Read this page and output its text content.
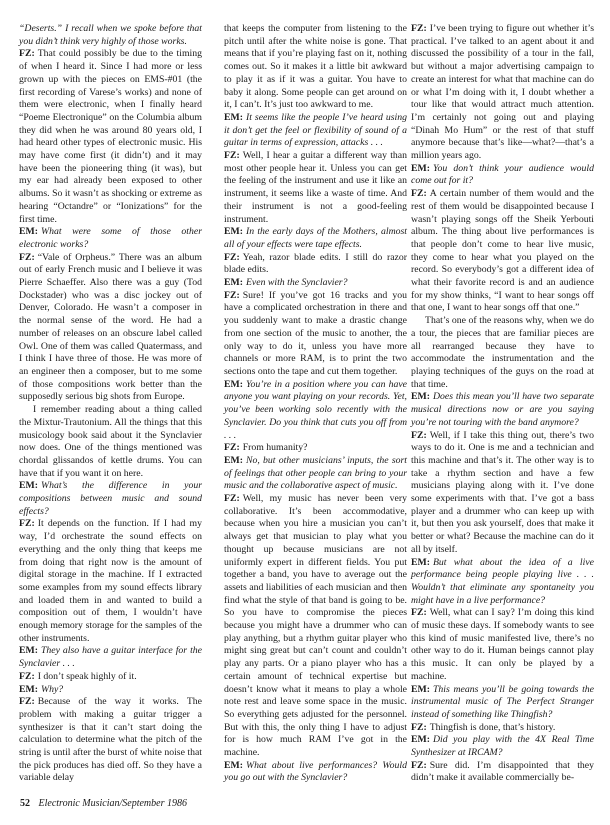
“Deserts.” I recall when we spoke before that you didn’t think very highly of those works.

FZ: That could possibly be due to the timing of when I heard it. Since I had more or less grown up with the pieces on EMS-#01 (the first recording of Varese’s works) and none of them were electronic, when I finally heard “Poeme Electronique” on the Columbia album they did when he was around 80 years old, I had heard other types of electronic music. His may have come first (it didn’t) and it may have been the pioneering thing (it was), but my ear had already been exposed to other albums. So it wasn’t as shocking or extreme as hearing “Octandre” or “Ionizations” for the first time.

EM: What were some of those other electronic works?

FZ: “Vale of Orpheus.” There was an album out of early French music and I believe it was Pierre Schaeffer. Also there was a guy (Tod Dockstader) who was a disc jockey out of Denver, Colorado. He wasn’t a composer in the normal sense of the word. He had a number of releases on an obscure label called Owl. One of them was called Quatermass, and I think I have three of those. He was more of an engineer then a composer, but to me some of those compositions work better than the supposedly serious big shots from Europe.

I remember reading about a thing called the Mixtur-Trautonium. All the things that this musicology book said about it the Synclavier now does. One of the things mentioned was chordal glissandos of kettle drums. You can have that if you want it on here.

EM: What’s the difference in your compositions between music and sound effects?

FZ: It depends on the function. If I had my way, I’d orchestrate the sound effects on everything and the only thing that keeps me from doing that right now is the amount of digital storage in the machine. If I extracted some examples from my sound effects library and loaded them in and wanted to build a composition out of them, I wouldn’t have enough memory storage for the samples of the other instruments.

EM: They also have a guitar interface for the Synclavier . . .

FZ: I don’t speak highly of it.

EM: Why?

FZ: Because of the way it works. The problem with making a guitar trigger a synthesizer is that it can’t start doing the calculation to determine what the pitch of the string is until after the burst of white noise that the pick produces has died off. So they have a variable delay

that keeps the computer from listening to the pitch until after the white noise is gone. That means that if you’re playing fast on it, nothing comes out. So it makes it a little bit awkward to play it as if it was a guitar. You have to baby it along. Some people can get around on it, I can’t. It’s just too awkward to me.

EM: It seems like the people I’ve heard using it don’t get the feel or flexibility of sound of a guitar in terms of expression, attacks . . .

FZ: Well, I hear a guitar a different way than most other people hear it. Unless you can get the feeling of the instrument and use it like an instrument, it seems like a waste of time. And their instrument is not a good-feeling instrument.

EM: In the early days of the Mothers, almost all of your effects were tape effects.

FZ: Yeah, razor blade edits. I still do razor blade edits.

EM: Even with the Synclavier?

FZ: Sure! If you’ve got 16 tracks and you have a complicated orchestration in there and you suddenly want to make a drastic change from one section of the music to another, the only way to do it, unless you have more channels or more RAM, is to print the two sections onto the tape and cut them together.

EM: You’re in a position where you can have anyone you want playing on your records. Yet, you’ve been working solo recently with the Synclavier. Do you think that cuts you off from . . .

FZ: From humanity?

EM: No, but other musicians’ inputs, the sort of feelings that other people can bring to your music and the collaborative aspect of music.

FZ: Well, my music has never been very collaborative. It’s been accommodative, because when you hire a musician you can’t always get that musician to play what you thought up because musicians are not uniformly expert in different fields. You put together a band, you have to average out the assets and liabilities of each musician and then find what the style of that band is going to be. So you have to compromise the pieces because you might have a drummer who can play anything, but a rhythm guitar player who might sing great but can’t count and couldn’t play any parts. Or a piano player who has a certain amount of technical expertise but doesn’t know what it means to play a whole note rest and leave some space in the music. So everything gets adjusted for the personnel. But with this, the only thing I have to adjust for is how much RAM I’ve got in the machine.

EM: What about live performances? Would you go out with the Synclavier?

FZ: I’ve been trying to figure out whether it’s practical. I’ve talked to an agent about it and discussed the possibility of a tour in the fall, but without a major advertising campaign to create an interest for what that machine can do or what I’m doing with it, I doubt whether a tour like that would attract much attention. I’m certainly not going out and playing “Dinah Mo Hum” or the rest of that stuff anymore because that’s like—what?—that’s a million years ago.

EM: You don’t think your audience would come out for it?

FZ: A certain number of them would and the rest of them would be disappointed because I wasn’t playing songs off the Sheik Yerbouti album. The thing about live performances is that people don’t come to hear live music, they come to hear what you played on the record. So everybody’s got a different idea of what their favorite record is and an audience for my show thinks, “I want to hear songs off that one, I want to hear songs off that one.”

That’s one of the reasons why, when we do a tour, the pieces that are familiar pieces are all rearranged because they have to accommodate the instrumentation and the playing techniques of the guys on the road at that time.

EM: Does this mean you’ll have two separate musical directions now or are you saying you’re not touring with the band anymore?

FZ: Well, if I take this thing out, there’s two ways to do it. One is me and a technician and this machine and that’s it. The other way is to take a rhythm section and have a few musicians playing along with it. I’ve done some experiments with that. I’ve got a bass player and a drummer who can keep up with it, but then you ask yourself, does that make it better or what? Because the machine can do it all by itself.

EM: But what about the idea of a live performance being people playing live . . . Wouldn’t that eliminate any spontaneity you might have in a live performance?

FZ: Well, what can I say? I’m doing this kind of music these days. If somebody wants to see this kind of music manifested live, there’s no other way to do it. Human beings cannot play this music. It can only be played by a machine.

EM: This means you’ll be going towards the instrumental music of The Perfect Stranger instead of something like Thingfish?

FZ: Thingfish is done, that’s history.

EM: Did you play with the 4X Real Time Synthesizer at IRCAM?

FZ: Sure did. I’m disappointed that they didn’t make it available commercially be-

52 Electronic Musician/September 1986
